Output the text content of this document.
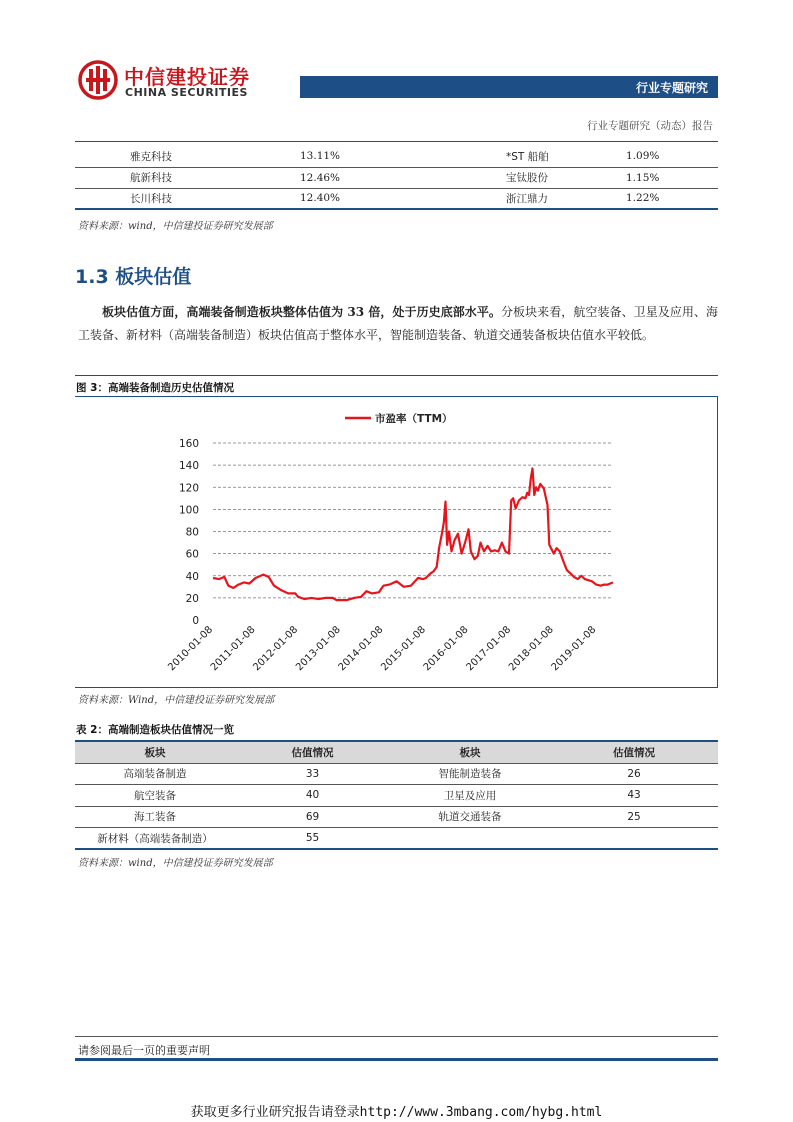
中信建投证券
CHINA SECURITIES	行业专题研究
行业专题研究（动态）报告
雅克科技	13.11%	*ST 船舶	1.09%
航新科技	12.46%	宝钛股份	1.15%
长川科技	12.40%	浙江鼎力	1.22%
资料来源：wind，中信建投证券研究发展部
1.3 板块估值
板块估值方面，高端装备制造板块整体估值为 33 倍，处于历史底部水平。分板块来看，航空装备、卫星及应用、海工装备、新材料（高端装备制造）板块估值高于整体水平，智能制造装备、轨道交通装备板块估值水平较低。
图 3：高端装备制造历史估值情况
0
20
40
60
80
100
120
140
160
2010-01-08
2011-01-08
2012-01-08
2013-01-08
2014-01-08
2015-01-08
2016-01-08
2017-01-08
2018-01-08
2019-01-08
市盈率（TTM）
资料来源：Wind，中信建投证券研究发展部
表 2：高端制造板块估值情况一览
板块	估值情况	板块	估值情况
高端装备制造	33	智能制造装备	26
航空装备	40	卫星及应用	43
海工装备	69	轨道交通装备	25
新材料（高端装备制造）	55		
资料来源：wind，中信建投证券研究发展部
请参阅最后一页的重要声明
获取更多行业研究报告请登录http://www.3mbang.com/hybg.html
